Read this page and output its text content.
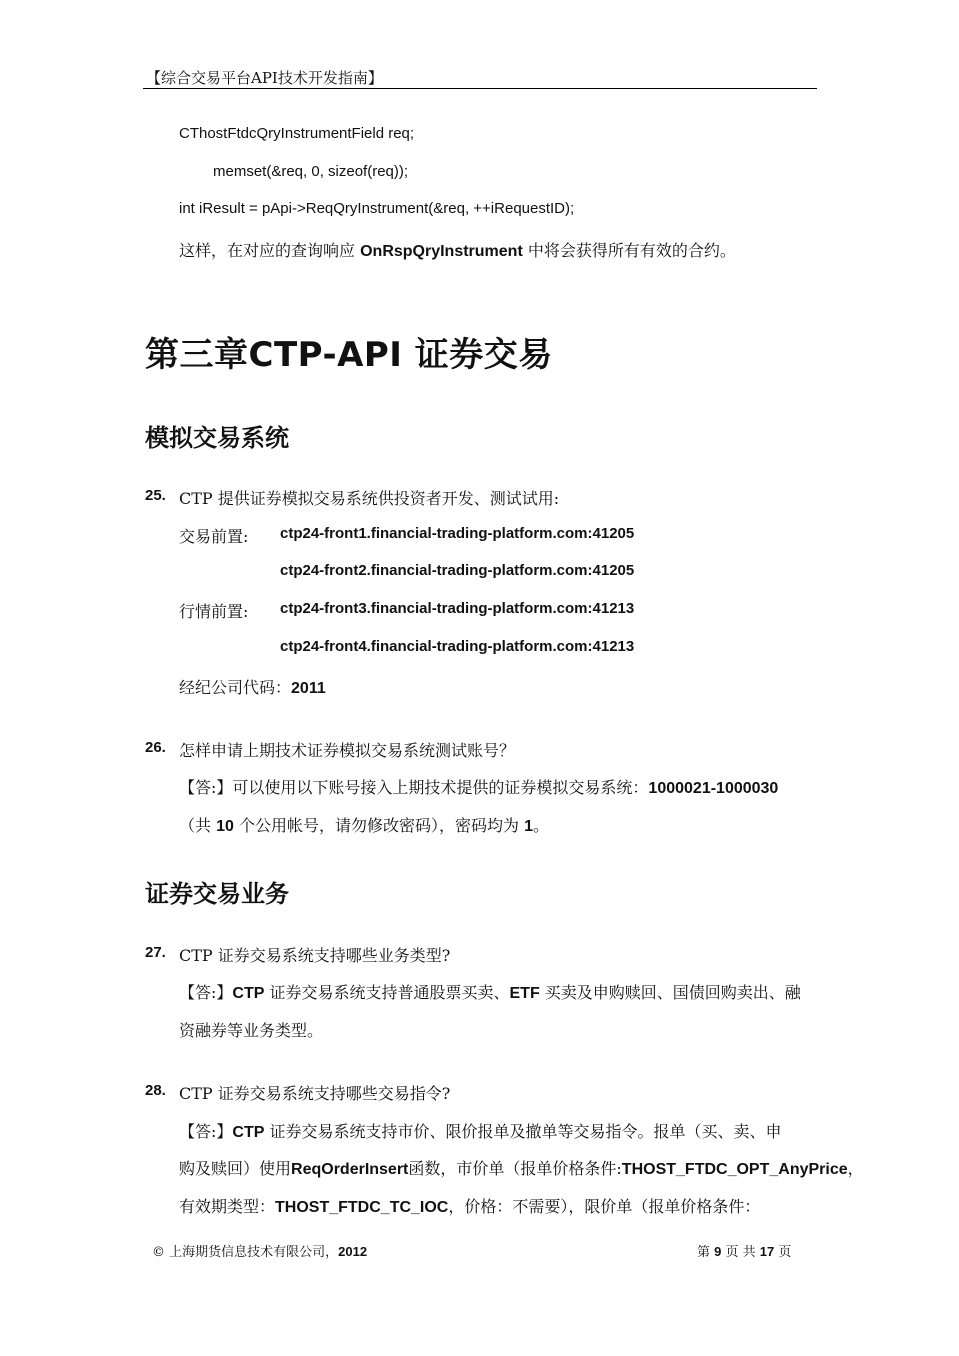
【综合交易平台API技术开发指南】
CThostFtdcQryInstrumentField req;
memset(&req, 0, sizeof(req));
int iResult = pApi->ReqQryInstrument(&req, ++iRequestID);
这样，在对应的查询响应 OnRspQryInstrument 中将会获得所有有效的合约。
第三章CTP-API 证券交易
模拟交易系统
25. CTP 提供证券模拟交易系统供投资者开发、测试试用:
交易前置: ctp24-front1.financial-trading-platform.com:41205
ctp24-front2.financial-trading-platform.com:41205
行情前置: ctp24-front3.financial-trading-platform.com:41213
ctp24-front4.financial-trading-platform.com:41213
经纪公司代码：2011
26. 怎样申请上期技术证券模拟交易系统测试账号？
【答:】可以使用以下账号接入上期技术提供的证券模拟交易系统：1000021-1000030
（共 10 个公用帐号，请勿修改密码），密码均为 1。
证券交易业务
27. CTP 证券交易系统支持哪些业务类型?
【答:】CTP 证券交易系统支持普通股票买卖、ETF 买卖及申购赎回、国债回购卖出、融
资融券等业务类型。
28. CTP 证券交易系统支持哪些交易指令?
【答:】CTP 证券交易系统支持市价、限价报单及撤单等交易指令。报单（买、卖、申
购及赎回）使用ReqOrderInsert函数，市价单（报单价格条件:THOST_FTDC_OPT_AnyPrice，
有效期类型：THOST_FTDC_TC_IOC，价格：不需要），限价单（报单价格条件：
© 上海期货信息技术有限公司，2012	第 9 页 共 17 页
